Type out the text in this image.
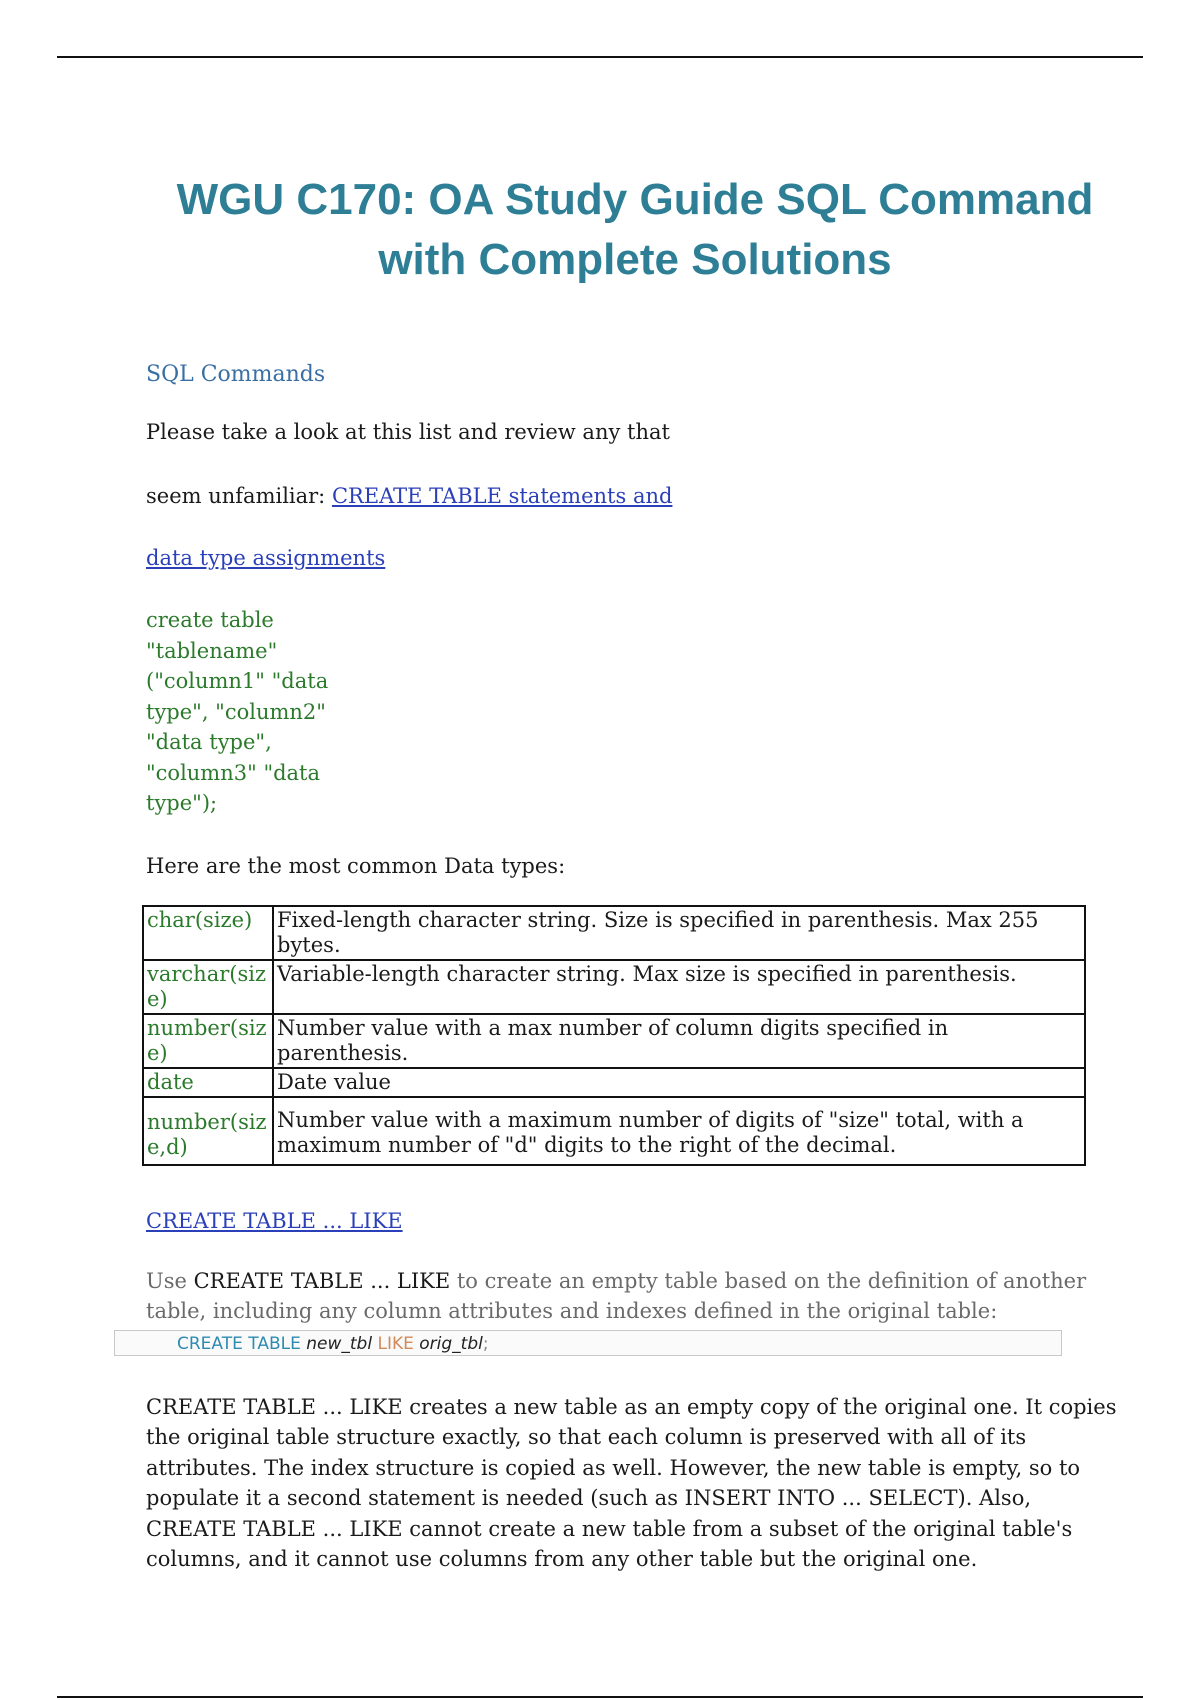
WGU C170: OA Study Guide SQL Command
with Complete Solutions

SQL Commands

Please take a look at this list and review any that

seem unfamiliar: CREATE TABLE statements and

data type assignments

create table
"tablename"
("column1" "data
type", "column2"
"data type",
"column3" "data
type");

Here are the most common Data types:

char(size)	Fixed-length character string. Size is specified in parenthesis. Max 255 bytes.
varchar(size)	Variable-length character string. Max size is specified in parenthesis.
number(size)	Number value with a max number of column digits specified in parenthesis.
date	Date value
number(size,d)	Number value with a maximum number of digits of "size" total, with a maximum number of "d" digits to the right of the decimal.

CREATE TABLE ... LIKE

Use CREATE TABLE ... LIKE to create an empty table based on the definition of another table, including any column attributes and indexes defined in the original table:

CREATE TABLE new_tbl LIKE orig_tbl;

CREATE TABLE ... LIKE creates a new table as an empty copy of the original one. It copies the original table structure exactly, so that each column is preserved with all of its attributes. The index structure is copied as well. However, the new table is empty, so to populate it a second statement is needed (such as INSERT INTO ... SELECT). Also, CREATE TABLE ... LIKE cannot create a new table from a subset of the original table's columns, and it cannot use columns from any other table but the original one.
